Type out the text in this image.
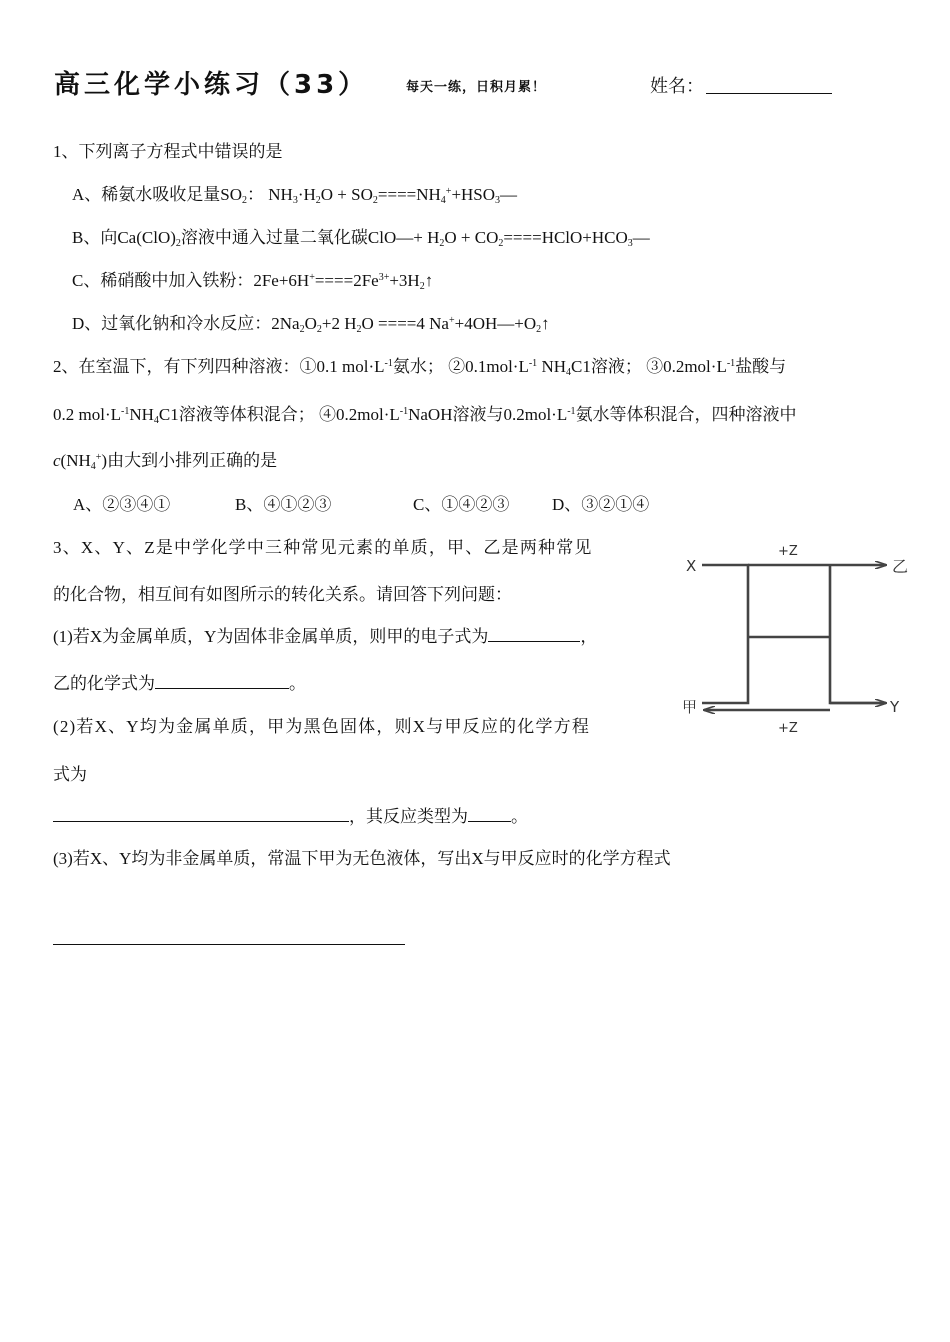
高三化学小练习（33）	每天一练，日积月累！	姓名：
1、下列离子方程式中错误的是
A、稀氨水吸收足量$SO_2$： $NH_3\cdot H_2O$ + $SO_2====NH_4^++HSO_3—$
B、向$Ca(ClO)_2$溶液中通入过量二氧化碳ClO—+ $H_2O$ + $CO_2====HClO+HCO_3—$
C、稀硝酸中加入铁粉：$2Fe+6H^+====2Fe^{3+}+3H_2↑$
D、过氧化钠和冷水反应：$2Na_2O_2+2$ $H_2O ====4$ $Na^++4OH—+O_2↑$
2、在室温下，有下列四种溶液：①0.1 $mol\cdot L^{-1}$氨水； $②0.1mol\cdot L^{-1}$ $NH_4C1$溶液； $③0.2mol\cdot L^{-1}$盐酸与
0.2 $mol\cdot L^{-1}NH_4C1$溶液等体积混合； $④0.2mol\cdot L^{-1}NaOH$溶液与$0.2mol\cdot L^{-1}$氨水等体积混合，四种溶液中
$c(NH_4^+)$由大到小排列正确的是
A、②③④①	B、④①②③	C、①④②③	D、③②①④
3、X、Y、Z是中学化学中三种常见元素的单质，甲、乙是两种常见
的化合物，相互间有如图所示的转化关系。请回答下列问题：
(1)若X为金属单质，Y为固体非金属单质，则甲的电子式为	，
乙的化学式为	。
(2)若X、Y均为金属单质，甲为黑色固体，则X与甲反应的化学方程
式为
，其反应类型为	。
(3)若X、Y均为非金属单质，常温下甲为无色液体，写出X与甲反应时的化学方程式
X
+Z
乙
甲	Y
+Z
